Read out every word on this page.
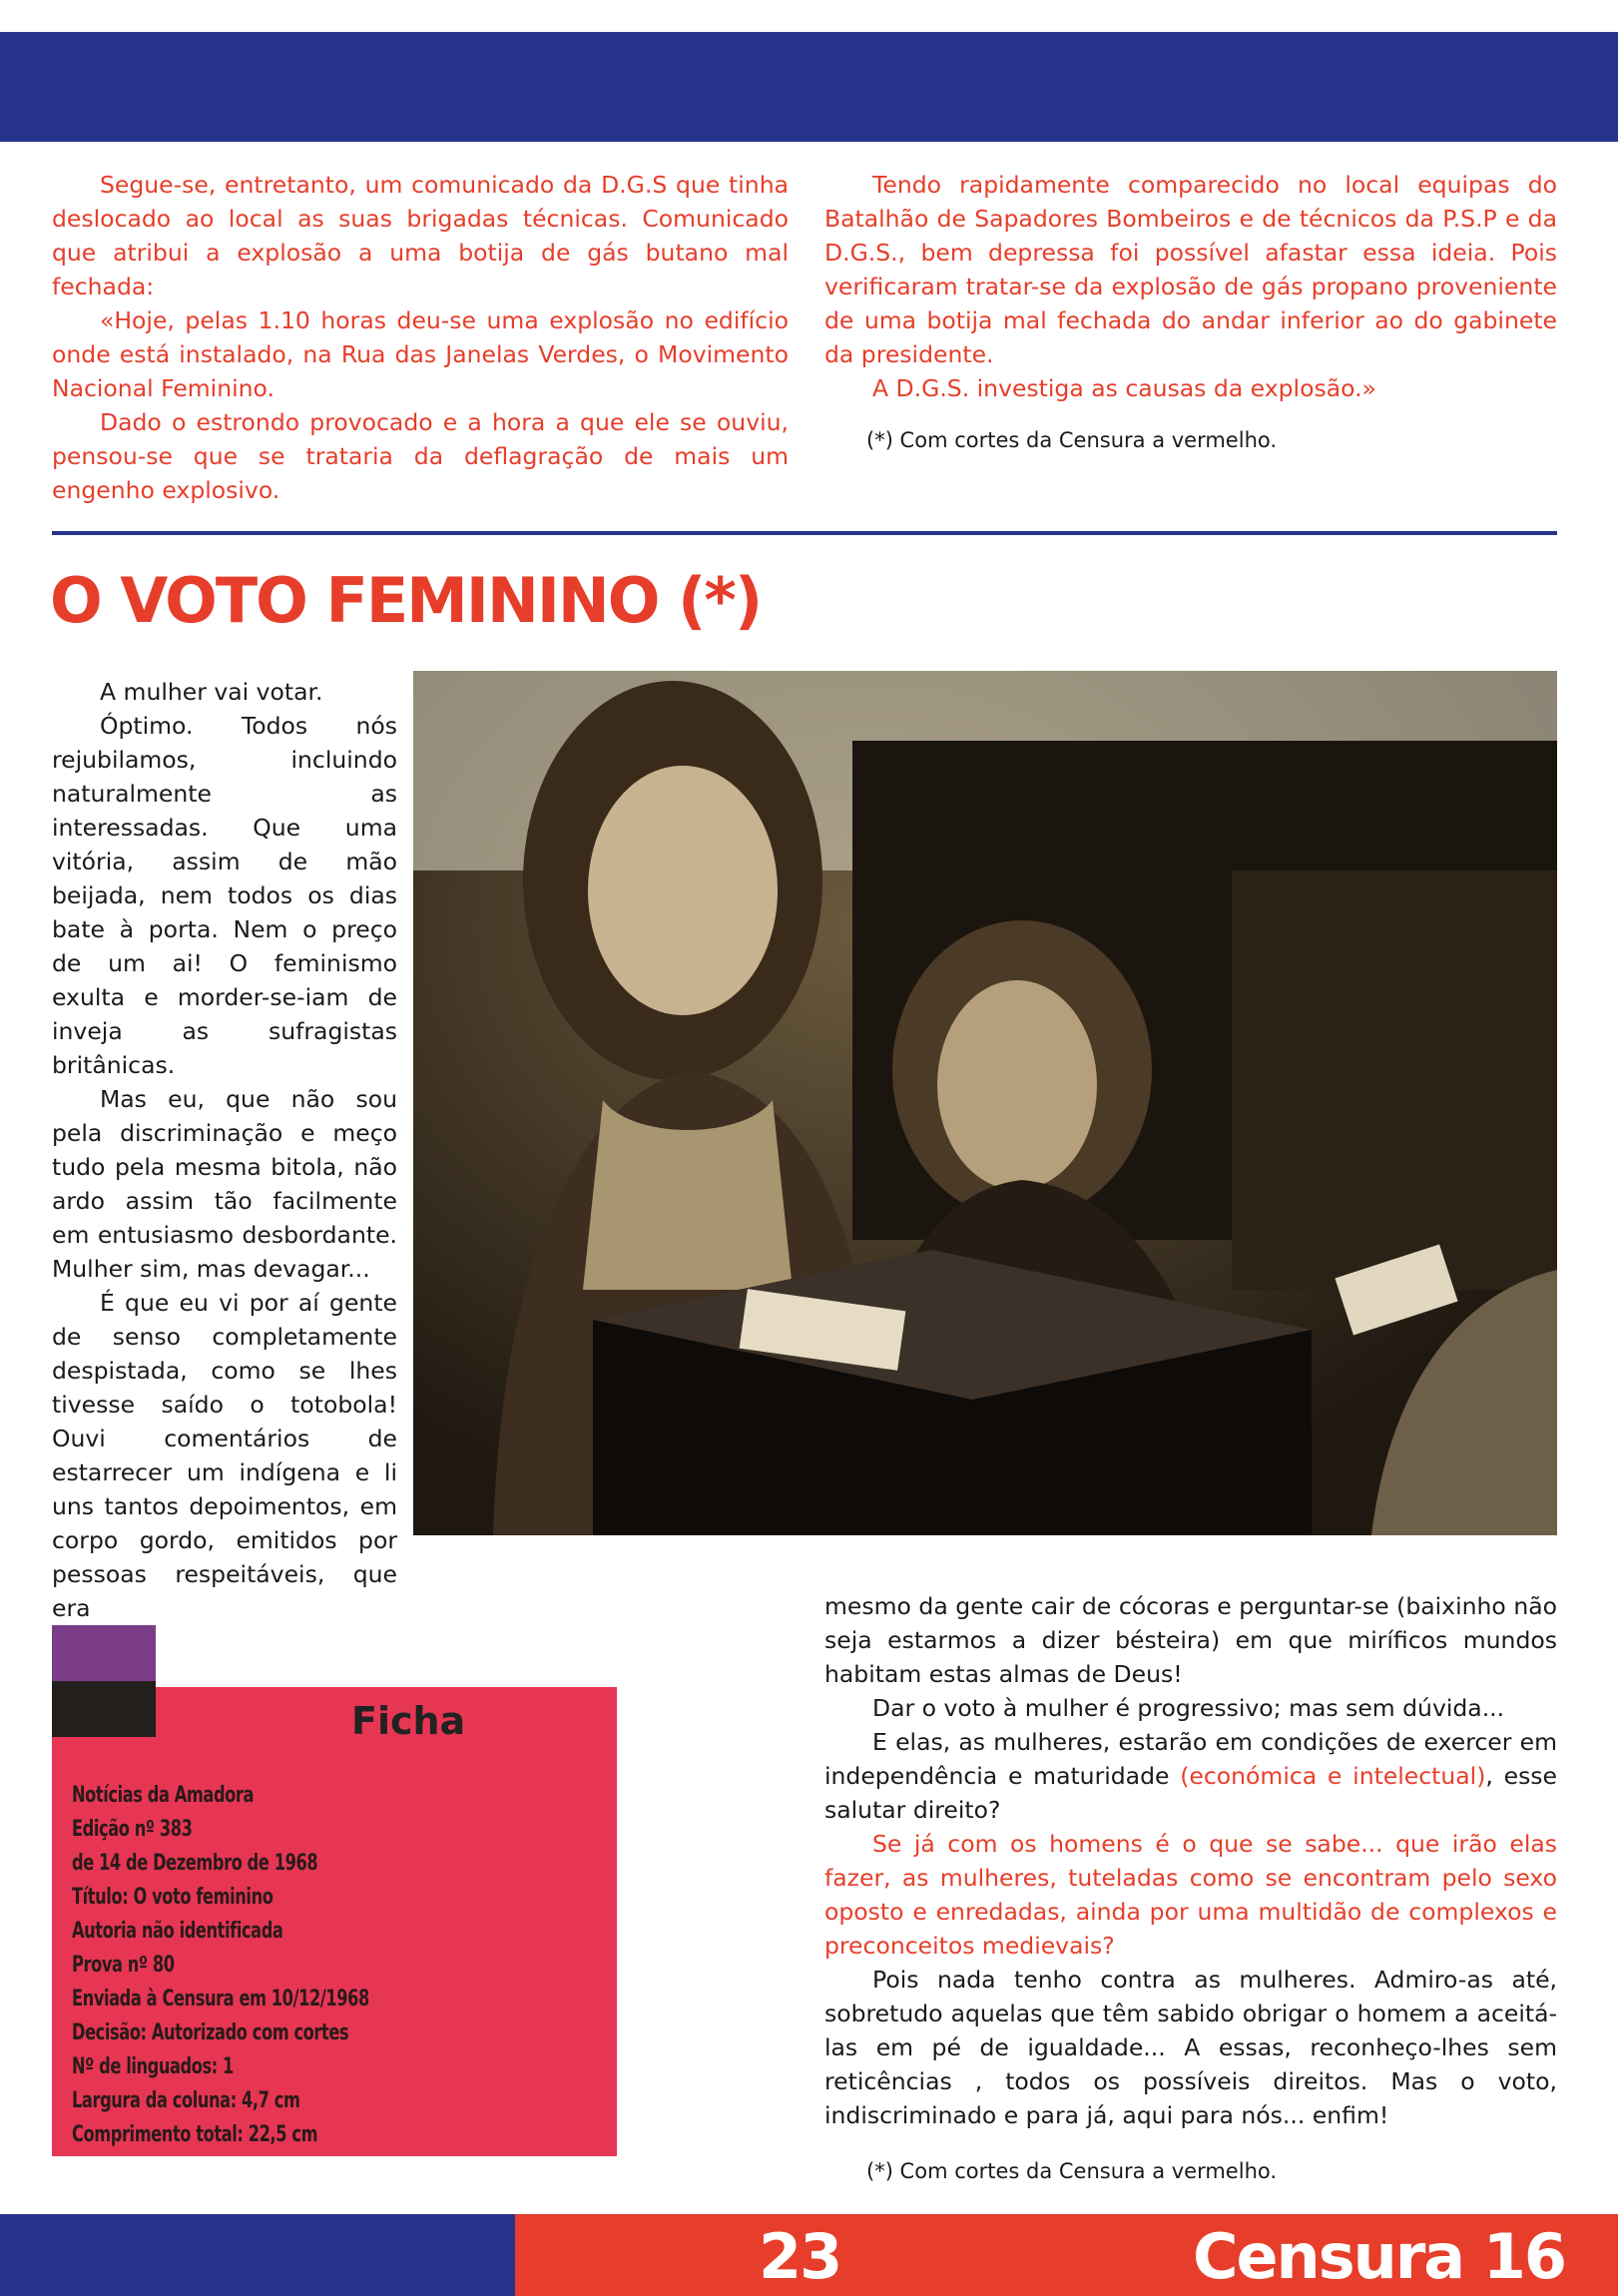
Segue-se, entretanto, um comunicado da D.G.S que tinha deslocado ao local as suas brigadas técnicas. Comunicado que atribui a explosão a uma botija de gás butano mal fechada:

«Hoje, pelas 1.10 horas deu-se uma explosão no edifício onde está instalado, na Rua das Janelas Verdes, o Movimento Nacional Feminino.

Dado o estrondo provocado e a hora a que ele se ouviu, pensou-se que se trataria da deflagração de mais um engenho explosivo.

Tendo rapidamente comparecido no local equipas do Batalhão de Sapadores Bombeiros e de técnicos da P.S.P e da D.G.S., bem depressa foi possível afastar essa ideia. Pois verificaram tratar-se da explosão de gás propano proveniente de uma botija mal fechada do andar inferior ao do gabinete da presidente.

A D.G.S. investiga as causas da explosão.»

(*) Com cortes da Censura a vermelho.

O VOTO FEMININO (*)

A mulher vai votar.

Óptimo. Todos nós rejubilamos, incluindo naturalmente as interessadas. Que uma vitória, assim de mão beijada, nem todos os dias bate à porta. Nem o preço de um ai! O feminismo exulta e morder-se-iam de inveja as sufragistas britânicas.

Mas eu, que não sou pela discriminação e meço tudo pela mesma bitola, não ardo assim tão facilmente em entusiasmo desbordante. Mulher sim, mas devagar...

É que eu vi por aí gente de senso completamente despistada, como se lhes tivesse saído o totobola! Ouvi comentários de estarrecer um indígena e li uns tantos depoimentos, em corpo gordo, emitidos por pessoas respeitáveis, que era

Ficha
Notícias da Amadora
Edição nº 383
de 14 de Dezembro de 1968
Título: O voto feminino
Autoria não identificada
Prova nº 80
Enviada à Censura em 10/12/1968
Decisão: Autorizado com cortes
Nº de linguados: 1
Largura da coluna: 4,7 cm
Comprimento total: 22,5 cm

mesmo da gente cair de cócoras e perguntar-se (baixinho não seja estarmos a dizer bésteira) em que miríficos mundos habitam estas almas de Deus!

Dar o voto à mulher é progressivo; mas sem dúvida...

E elas, as mulheres, estarão em condições de exercer em independência e maturidade (económica e intelectual), esse salutar direito?

Se já com os homens é o que se sabe... que irão elas fazer, as mulheres, tuteladas como se encontram pelo sexo oposto e enredadas, ainda por uma multidão de complexos e preconceitos medievais?

Pois nada tenho contra as mulheres. Admiro-as até, sobretudo aquelas que têm sabido obrigar o homem a aceitá-las em pé de igualdade... A essas, reconheço-lhes sem reticências , todos os possíveis direitos. Mas o voto, indiscriminado e para já, aqui para nós... enfim!

(*) Com cortes da Censura a vermelho.

23	Censura 16
